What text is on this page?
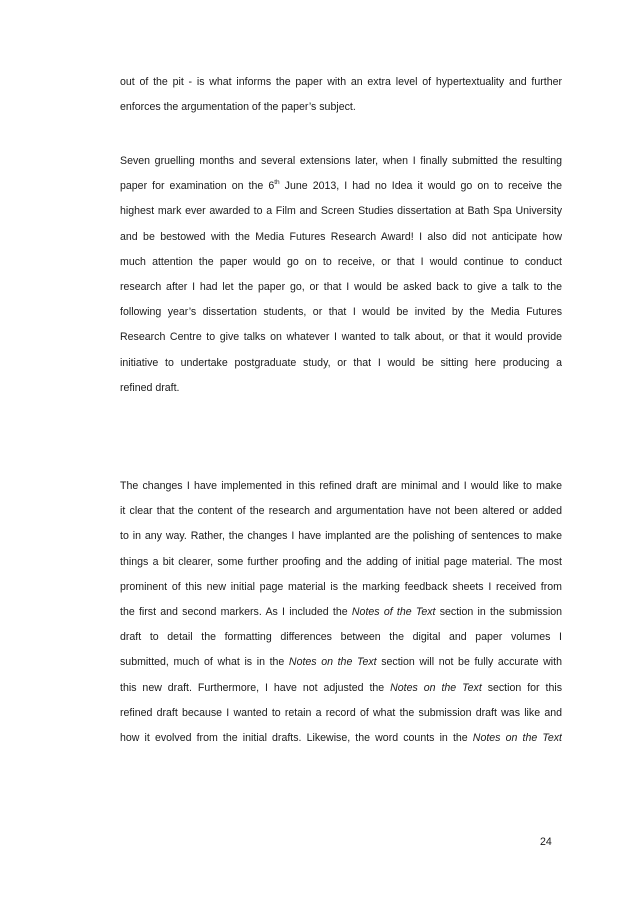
out of the pit - is what informs the paper with an extra level of hypertextuality and further
enforces the argumentation of the paper’s subject.
Seven gruelling months and several extensions later, when I finally submitted the resulting
paper for examination on the 6th June 2013, I had no Idea it would go on to receive the
highest mark ever awarded to a Film and Screen Studies dissertation at Bath Spa University
and be bestowed with the Media Futures Research Award! I also did not anticipate how
much attention the paper would go on to receive, or that I would continue to conduct
research after I had let the paper go, or that I would be asked back to give a talk to the
following year’s dissertation students, or that I would be invited by the Media Futures
Research Centre to give talks on whatever I wanted to talk about, or that it would provide
initiative to undertake postgraduate study, or that I would be sitting here producing a
refined draft.
The changes I have implemented in this refined draft are minimal and I would like to make
it clear that the content of the research and argumentation have not been altered or added
to in any way. Rather, the changes I have implanted are the polishing of sentences to make
things a bit clearer, some further proofing and the adding of initial page material. The most
prominent of this new initial page material is the marking feedback sheets I received from
the first and second markers. As I included the Notes of the Text section in the submission
draft to detail the formatting differences between the digital and paper volumes I
submitted, much of what is in the Notes on the Text section will not be fully accurate with
this new draft. Furthermore, I have not adjusted the Notes on the Text section for this
refined draft because I wanted to retain a record of what the submission draft was like and
how it evolved from the initial drafts. Likewise, the word counts in the Notes on the Text
24
